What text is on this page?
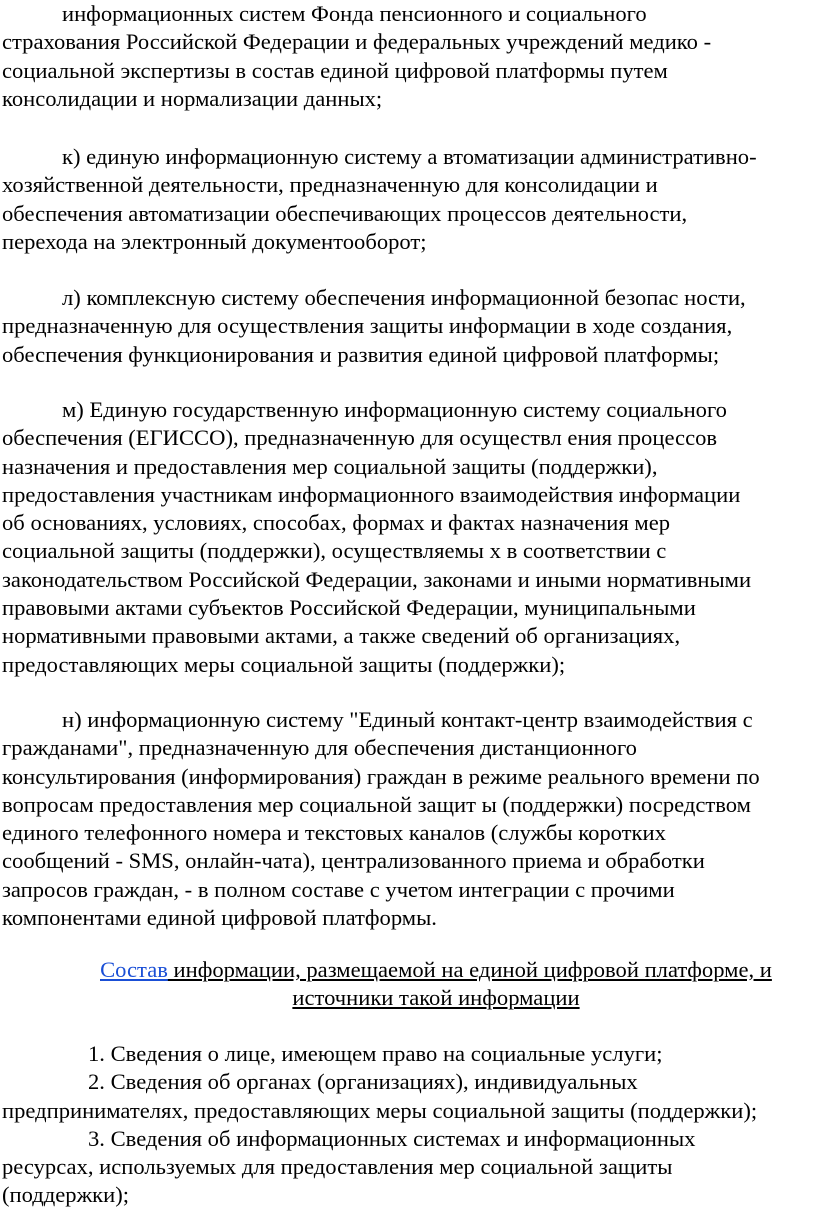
информационных систем Фонда пенсионного и социального
страхования Российской Федерации и федеральных учреждений медико -
социальной экспертизы в состав единой цифровой платформы путем
консолидации и нормализации данных;
к) единую информационную систему а втоматизации административно-
хозяйственной деятельности, предназначенную для консолидации и
обеспечения автоматизации обеспечивающих процессов деятельности,
перехода на электронный документооборот;
л) комплексную систему обеспечения информационной безопас ности,
предназначенную для осуществления защиты информации в ходе создания,
обеспечения функционирования и развития единой цифровой платформы;
м) Единую государственную информационную систему социального
обеспечения (ЕГИССО), предназначенную для осуществл ения процессов
назначения и предоставления мер социальной защиты (поддержки),
предоставления участникам информационного взаимодействия информации
об основаниях, условиях, способах, формах и фактах назначения мер
социальной защиты (поддержки), осуществляемы х в соответствии с
законодательством Российской Федерации, законами и иными нормативными
правовыми актами субъектов Российской Федерации, муниципальными
нормативными правовыми актами, а также сведений об организациях,
предоставляющих меры социальной защиты (поддержки);
н) информационную систему "Единый контакт-центр взаимодействия с
гражданами", предназначенную для обеспечения дистанционного
консультирования (информирования) граждан в режиме реального времени по
вопросам предоставления мер социальной защит ы (поддержки) посредством
единого телефонного номера и текстовых каналов (службы коротких
сообщений - SMS, онлайн-чата), централизованного приема и обработки
запросов граждан, - в полном составе с учетом интеграции с прочими
компонентами единой цифровой платформы.
Состав информации, размещаемой на единой цифровой платформе, и
источники такой информации
1. Сведения о лице, имеющем право на социальные услуги;
2. Сведения об органах (организациях), индивидуальных
предпринимателях, предоставляющих меры социальной защиты (поддержки);
3. Сведения об информационных системах и информационных
ресурсах, используемых для предоставления мер социальной защиты
(поддержки);
